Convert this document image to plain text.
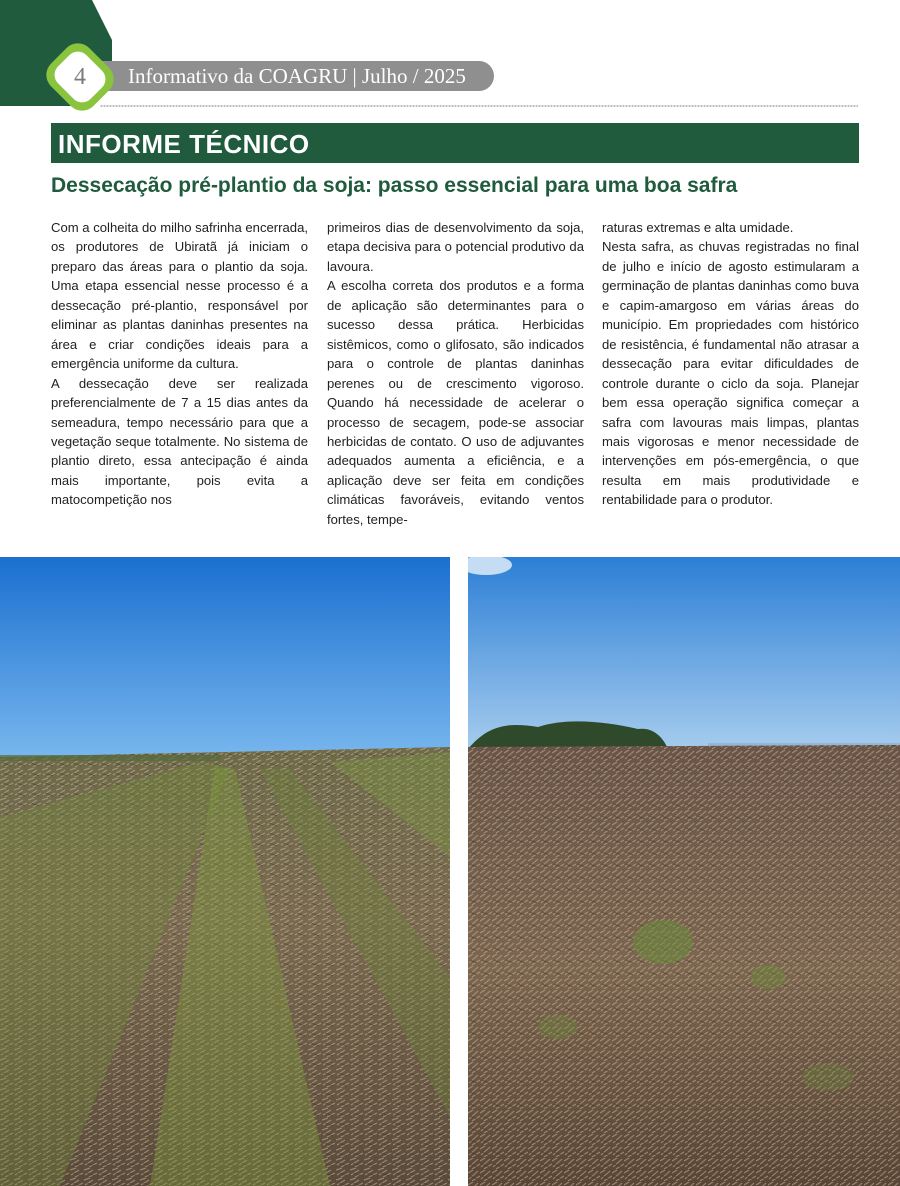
4	Informativo da COAGRU | Julho / 2025
INFORME TÉCNICO
Dessecação pré-plantio da soja: passo essencial para uma boa safra

Com a colheita do milho safrinha encerrada, os produtores de Ubiratã já iniciam o preparo das áreas para o plantio da soja. Uma etapa essencial nesse processo é a dessecação pré-plantio, responsável por eliminar as plantas daninhas presentes na área e criar condições ideais para a emergência uniforme da cultura.

A dessecação deve ser realizada preferencialmente de 7 a 15 dias antes da semeadura, tempo necessário para que a vegetação seque totalmente. No sistema de plantio direto, essa antecipação é ainda mais importante, pois evita a matocompetição nos

primeiros dias de desenvolvimento da soja, etapa decisiva para o potencial produtivo da lavoura.

A escolha correta dos produtos e a forma de aplicação são determinantes para o sucesso dessa prática. Herbicidas sistêmicos, como o glifosato, são indicados para o controle de plantas daninhas perenes ou de crescimento vigoroso. Quando há necessidade de acelerar o processo de secagem, pode-se associar herbicidas de contato. O uso de adjuvantes adequados aumenta a eficiência, e a aplicação deve ser feita em condições climáticas favoráveis, evitando ventos fortes, tempe-

raturas extremas e alta umidade.

Nesta safra, as chuvas registradas no final de julho e início de agosto estimularam a germinação de plantas daninhas como buva e capim-amargoso em várias áreas do município. Em propriedades com histórico de resistência, é fundamental não atrasar a dessecação para evitar dificuldades de controle durante o ciclo da soja. Planejar bem essa operação significa começar a safra com lavouras mais limpas, plantas mais vigorosas e menor necessidade de intervenções em pós-emergência, o que resulta em mais produtividade e rentabilidade para o produtor.
